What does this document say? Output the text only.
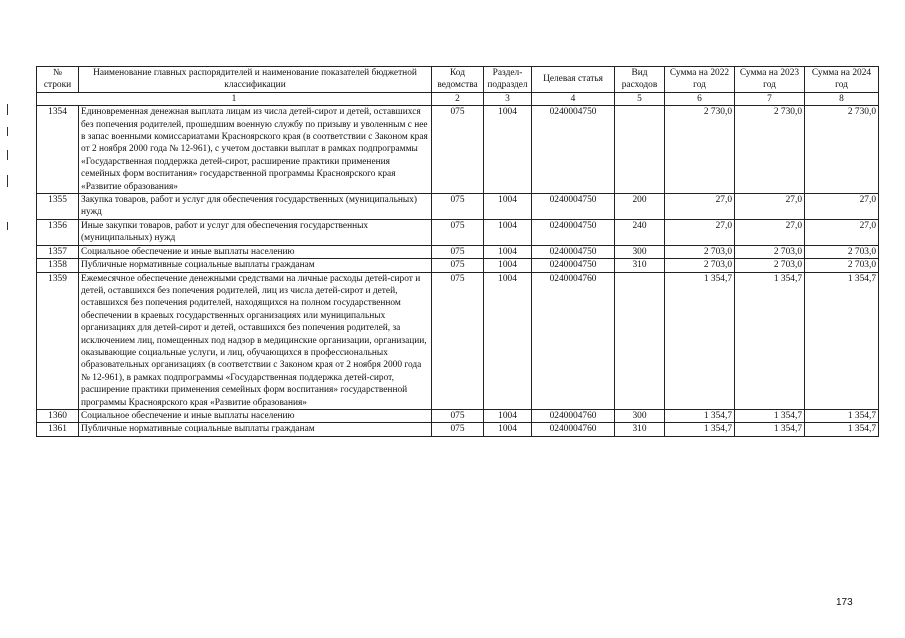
№ строки	Наименование главных распорядителей и наименование показателей бюджетной классификации	Код ведомства	Раздел-подраздел	Целевая статья	Вид расходов	Сумма на 2022 год	Сумма на 2023 год	Сумма на 2024 год
1		2	3	4	5	6	7	8
1354	Единовременная денежная выплата лицам из числа детей-сирот и детей, оставшихся без попечения родителей, прошедшим военную службу по призыву и уволенным с нее в запас военными комиссариатами Красноярского края (в соответствии с Законом края от 2 ноября 2000 года № 12-961), с учетом доставки выплат в рамках подпрограммы «Государственная поддержка детей-сирот, расширение практики применения семейных форм воспитания» государственной программы Красноярского края «Развитие образования»	075	1004	0240004750		2 730,0	2 730,0	2 730,0
1355	Закупка товаров, работ и услуг для обеспечения государственных (муниципальных) нужд	075	1004	0240004750	200	27,0	27,0	27,0
1356	Иные закупки товаров, работ и услуг для обеспечения государственных (муниципальных) нужд	075	1004	0240004750	240	27,0	27,0	27,0
1357	Социальное обеспечение и иные выплаты населению	075	1004	0240004750	300	2 703,0	2 703,0	2 703,0
1358	Публичные нормативные социальные выплаты гражданам	075	1004	0240004750	310	2 703,0	2 703,0	2 703,0
1359	Ежемесячное обеспечение денежными средствами на личные расходы детей-сирот и детей, оставшихся без попечения родителей, лиц из числа детей-сирот и детей, оставшихся без попечения родителей, находящихся на полном государственном обеспечении в краевых государственных организациях или муниципальных организациях для детей-сирот и детей, оставшихся без попечения родителей, за исключением лиц, помещенных под надзор в медицинские организации, организации, оказывающие социальные услуги, и лиц, обучающихся в профессиональных образовательных организациях (в соответствии с Законом края от 2 ноября 2000 года № 12-961), в рамках подпрограммы «Государственная поддержка детей-сирот, расширение практики применения семейных форм воспитания» государственной программы Красноярского края «Развитие образования»	075	1004	0240004760		1 354,7	1 354,7	1 354,7
1360	Социальное обеспечение и иные выплаты населению	075	1004	0240004760	300	1 354,7	1 354,7	1 354,7
1361	Публичные нормативные социальные выплаты гражданам	075	1004	0240004760	310	1 354,7	1 354,7	1 354,7
173
